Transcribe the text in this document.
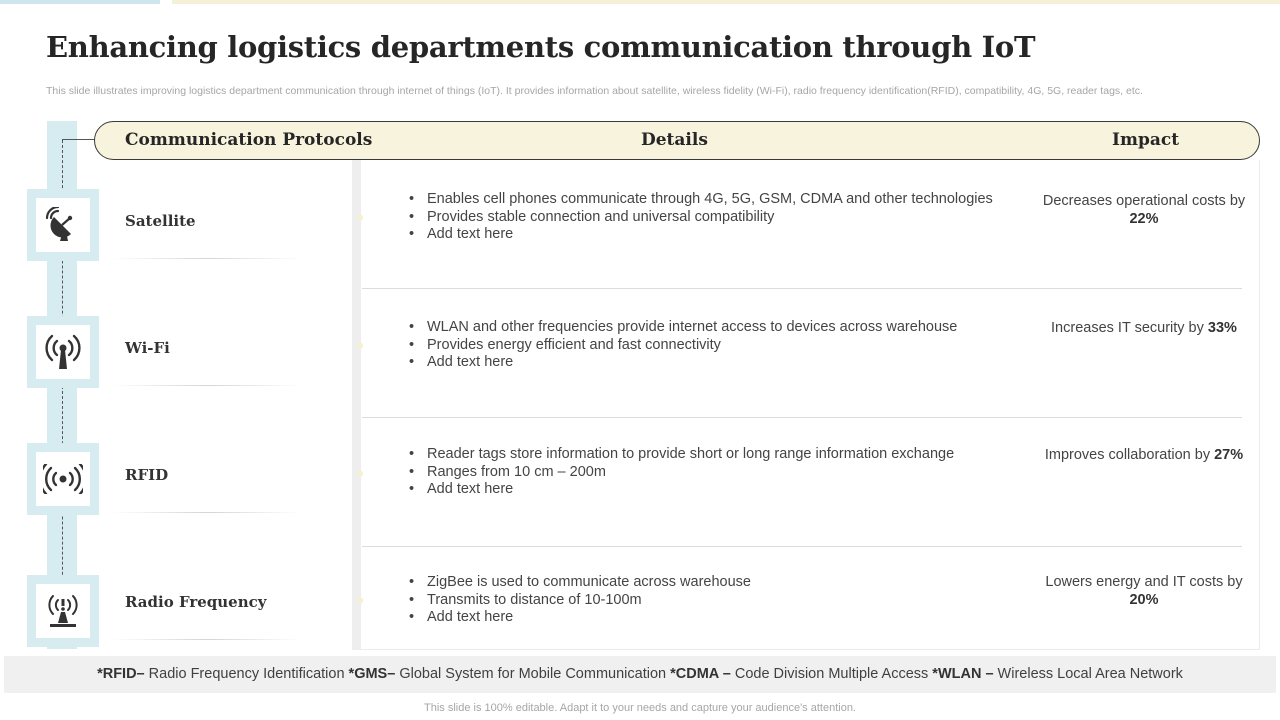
Enhancing logistics departments communication through IoT

This slide illustrates improving logistics department communication through internet of things (IoT). It provides information about satellite, wireless fidelity (Wi-Fi), radio frequency identification(RFID), compatibility, 4G, 5G, reader tags, etc.

Communication Protocols	Details	Impact
Satellite
• Enables cell phones communicate through 4G, 5G, GSM, CDMA and other technologies
• Provides stable connection and universal compatibility
• Add text here
Decreases operational costs by 22%
Wi-Fi
• WLAN and other frequencies provide internet access to devices across warehouse
• Provides energy efficient and fast connectivity
• Add text here
Increases IT security by 33%
RFID
• Reader tags store information to provide short or long range information exchange
• Ranges from 10 cm – 200m
• Add text here
Improves collaboration by 27%
Radio Frequency
• ZigBee is used to communicate across warehouse
• Transmits to distance of 10-100m
• Add text here
Lowers energy and IT costs by 20%
*RFID– Radio Frequency Identification *GMS– Global System for Mobile Communication *CDMA – Code Division Multiple Access *WLAN – Wireless Local Area Network
This slide is 100% editable. Adapt it to your needs and capture your audience's attention.
